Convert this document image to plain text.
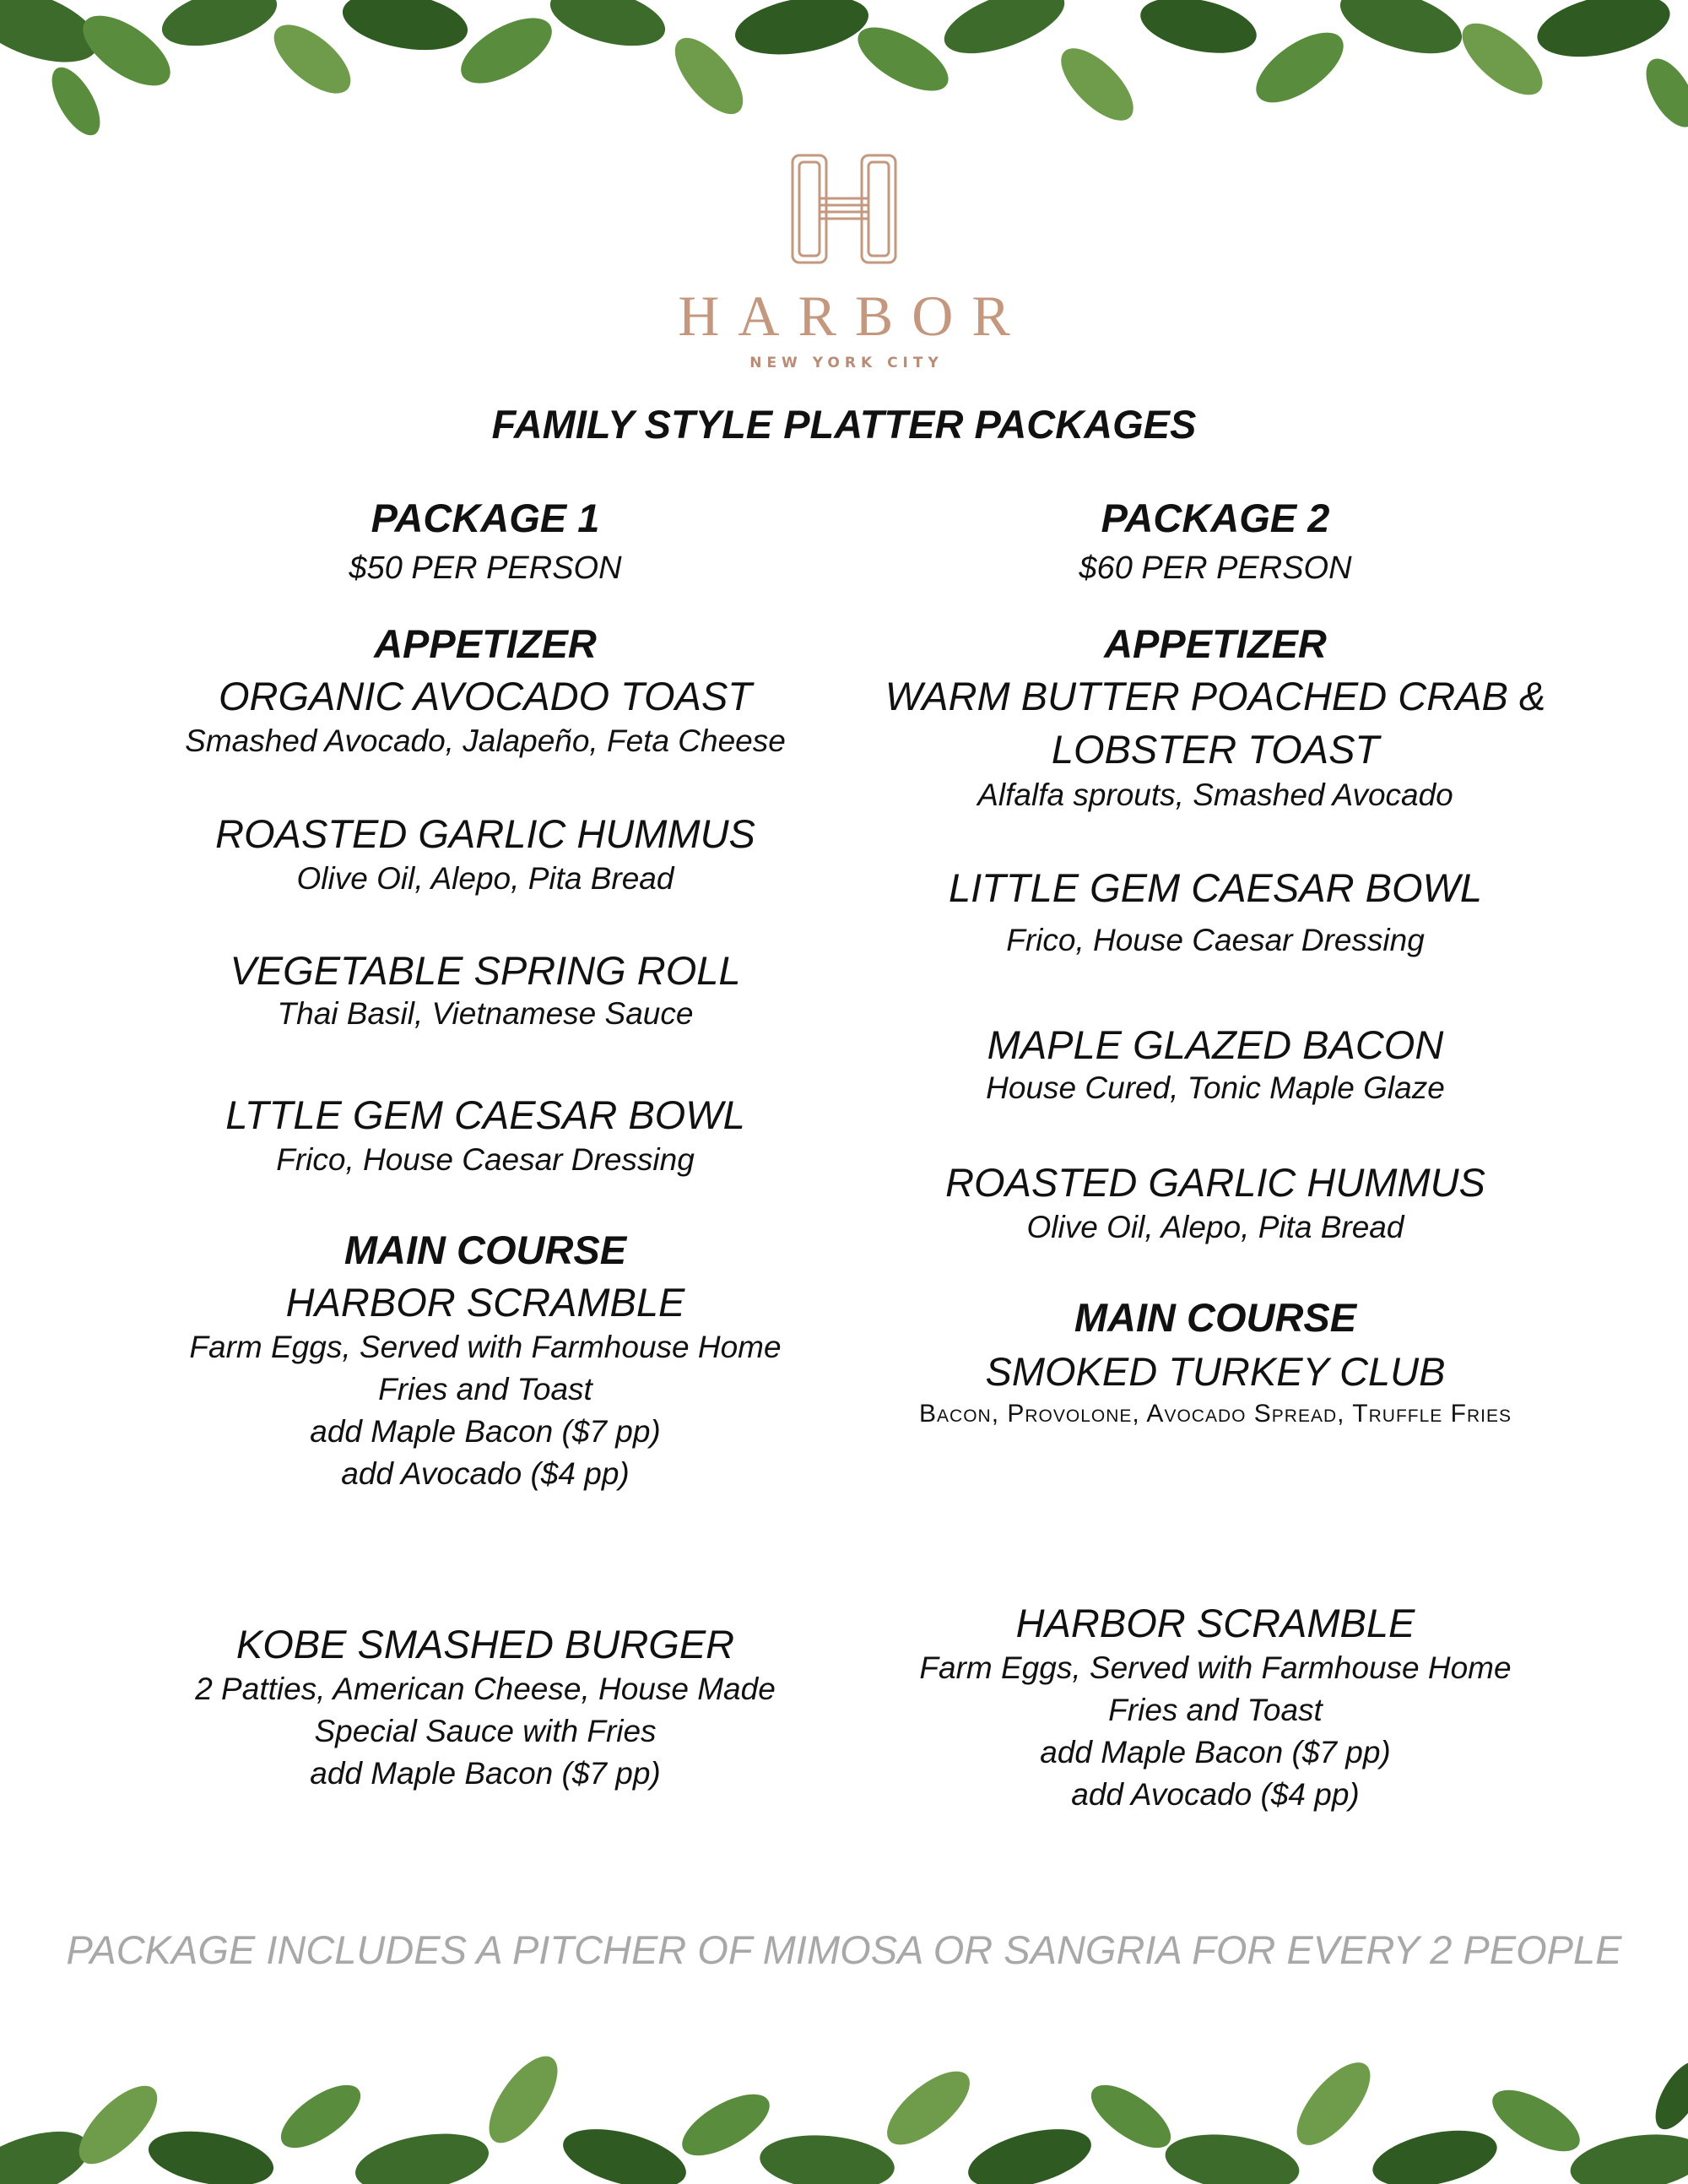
HARBOR
NEW YORK CITY
FAMILY STYLE PLATTER PACKAGES
PACKAGE 1
$50 PER PERSON
APPETIZER
ORGANIC AVOCADO TOAST
Smashed Avocado, Jalapeño, Feta Cheese
ROASTED GARLIC HUMMUS
Olive Oil, Alepo, Pita Bread
VEGETABLE SPRING ROLL
Thai Basil, Vietnamese Sauce
LTTLE GEM CAESAR BOWL
Frico, House Caesar Dressing
MAIN COURSE
HARBOR SCRAMBLE
Farm Eggs, Served with Farmhouse Home
Fries and Toast
add Maple Bacon ($7 pp)
add Avocado ($4 pp)
KOBE SMASHED BURGER
2 Patties, American Cheese, House Made
Special Sauce with Fries
add Maple Bacon ($7 pp)
PACKAGE 2
$60 PER PERSON
APPETIZER
WARM BUTTER POACHED CRAB &
LOBSTER TOAST
Alfalfa sprouts, Smashed Avocado
LITTLE GEM CAESAR BOWL
Frico, House Caesar Dressing
MAPLE GLAZED BACON
House Cured, Tonic Maple Glaze
ROASTED GARLIC HUMMUS
Olive Oil, Alepo, Pita Bread
MAIN COURSE
SMOKED TURKEY CLUB
Bacon, Provolone, Avocado Spread, Truffle Fries
HARBOR SCRAMBLE
Farm Eggs, Served with Farmhouse Home
Fries and Toast
add Maple Bacon ($7 pp)
add Avocado ($4 pp)
PACKAGE INCLUDES A PITCHER OF MIMOSA OR SANGRIA FOR EVERY 2 PEOPLE
